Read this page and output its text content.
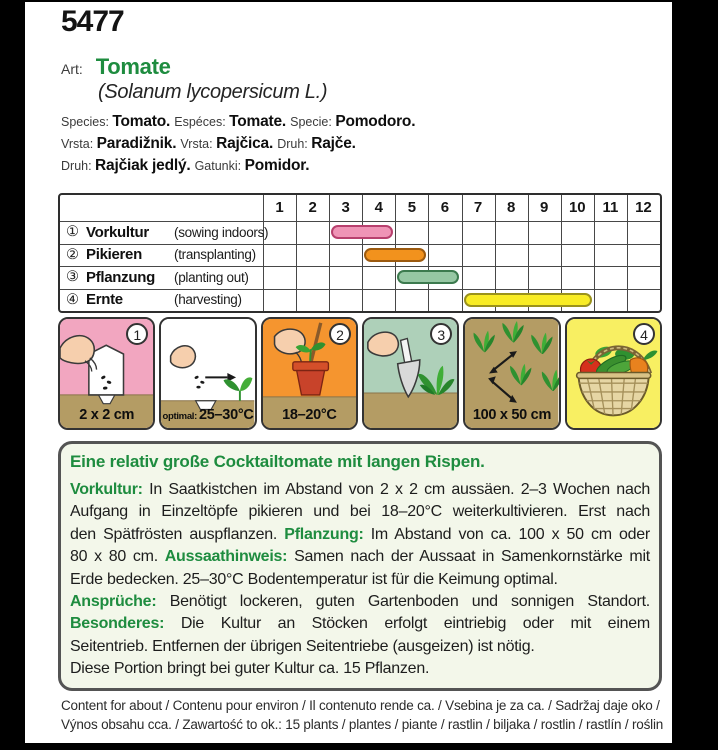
5477
Art: Tomate
(Solanum lycopersicum L.)
Species: Tomato. Espéces: Tomate. Specie: Pomodoro.
Vrsta: Paradižnik. Vrsta: Rajčica. Druh: Rajče.
Druh: Rajčiak jedlý. Gatunki: Pomidor.
1	2	3	4	5	6	7	8	9	10	11	12
① Vorkultur	(sowing indoors)
② Pikieren	(transplanting)
③ Pflanzung	(planting out)
④ Ernte	(harvesting)
1
2 x 2 cm	optimal: 25–30°C
2
18–20°C
3
100 x 50 cm
4
Eine relativ große Cocktailtomate mit langen Rispen.
Vorkultur: In Saatkistchen im Abstand von 2 x 2 cm aussäen. 2–3 Wochen nach
Aufgang in Einzeltöpfe pikieren und bei 18–20°C weiterkultivieren. Erst nach
den Spätfrösten auspflanzen. Pflanzung: Im Abstand von ca. 100 x 50 cm oder
80 x 80 cm. Aussaathinweis: Samen nach der Aussaat in Samenkornstärke mit
Erde bedecken. 25–30°C Bodentemperatur ist für die Keimung optimal.
Ansprüche: Benötigt lockeren, guten Gartenboden und sonnigen Standort.
Besonderes: Die Kultur an Stöcken erfolgt eintriebig oder mit einem
Seitentrieb. Entfernen der übrigen Seitentriebe (ausgeizen) ist nötig.
Diese Portion bringt bei guter Kultur ca. 15 Pflanzen.
Content for about / Contenu pour environ / Il contenuto rende ca. / Vsebina je za ca. / Sadržaj daje oko /
Výnos obsahu cca. / Zawartość to ok.: 15 plants / plantes / piante / rastlin / biljaka / rostlin / rastlín / roślin
